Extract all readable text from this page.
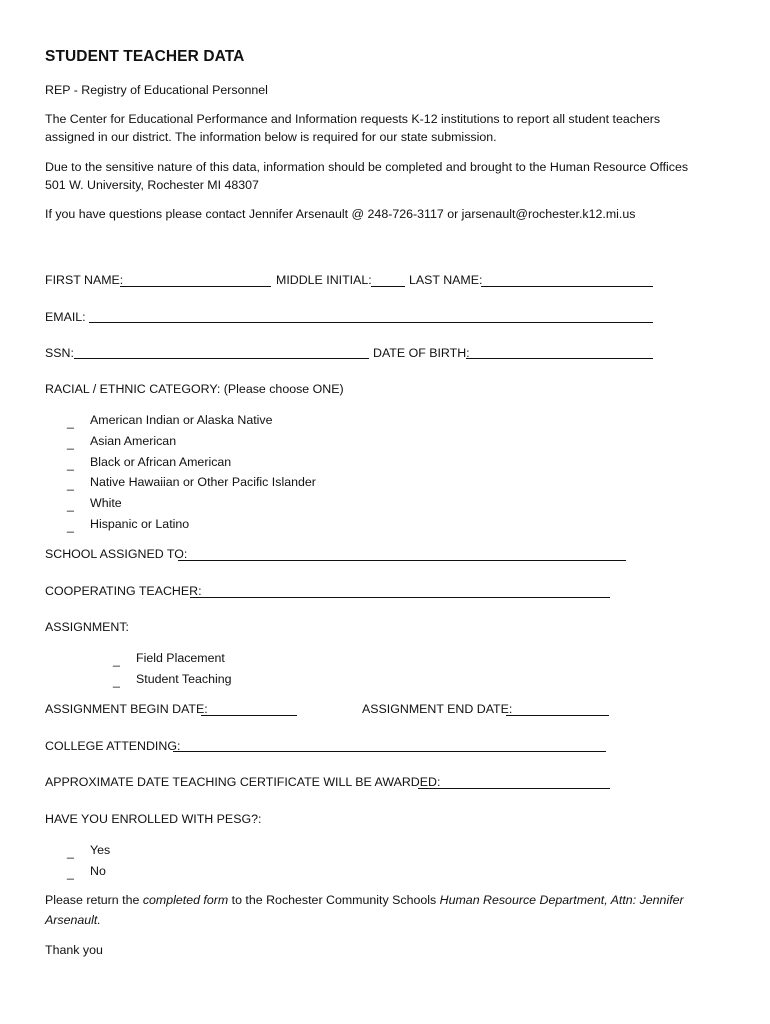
STUDENT TEACHER DATA
REP - Registry of Educational Personnel
The Center for Educational Performance and Information requests K-12 institutions to report all student teachers
assigned in our district. The information below is required for our state submission.
Due to the sensitive nature of this data, information should be completed and brought to the Human Resource Offices
501 W. University, Rochester MI 48307
If you have questions please contact Jennifer Arsenault @ 248-726-3117 or jarsenault@rochester.k12.mi.us
FIRST NAME:	MIDDLE INITIAL:	LAST NAME:
EMAIL:
SSN:	DATE OF BIRTH:
RACIAL / ETHNIC CATEGORY: (Please choose ONE)
_ American Indian or Alaska Native
_ Asian American
_ Black or African American
_ Native Hawaiian or Other Pacific Islander
_ White
_ Hispanic or Latino
SCHOOL ASSIGNED TO:
COOPERATING TEACHER:
ASSIGNMENT:
_ Field Placement
_ Student Teaching
ASSIGNMENT BEGIN DATE:	ASSIGNMENT END DATE:
COLLEGE ATTENDING:
APPROXIMATE DATE TEACHING CERTIFICATE WILL BE AWARDED:
HAVE YOU ENROLLED WITH PESG?:
_ Yes
_ No
Please return the completed form to the Rochester Community Schools Human Resource Department, Attn: Jennifer
Arsenault.
Thank you
